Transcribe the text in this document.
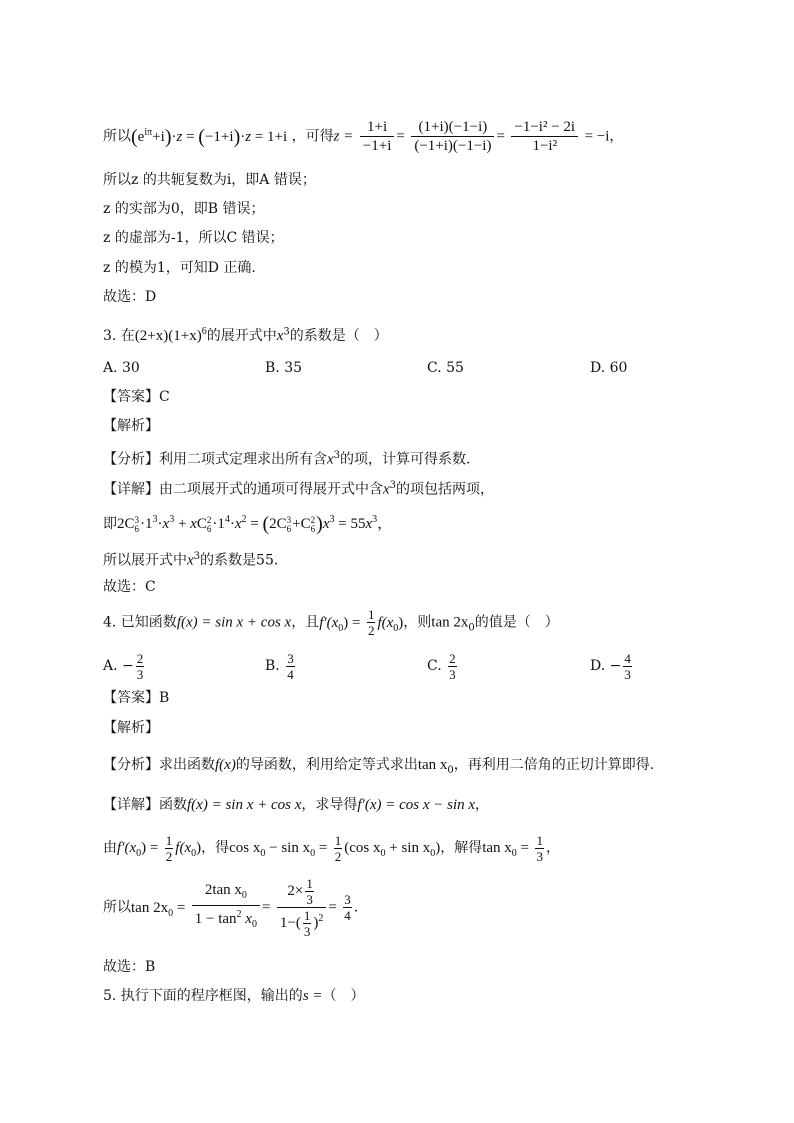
所以$(e^{i\pi}+i)\cdot z = (-1+i)\cdot z = 1+i$ ，可得$z = \frac{1+i}{-1+i} = \frac{(1+i)(-1-i)}{(-1+i)(-1-i)} = \frac{\text{−1−i² − 2i}}{\text{1−i²}} = -i$，
所以z 的共轭复数为i，即A 错误；
z 的实部为0，即B 错误；
z 的虚部为-1，所以C 错误；
z 的模为1，可知D 正确.
故选：D
3. 在$(2+x)(1+x)^6$的展开式中$x^3$的系数是（　）
A. 30	B. 35	C. 55	D. 60
【答案】C
【解析】
【分析】利用二项式定理求出所有含$x^3$的项，计算可得系数.
【详解】由二项展开式的通项可得展开式中含$x^3$的项包括两项，
即2C 3
$6 \cdot 1^3\cdot x^3$ + xC 2
$6 \cdot 1^4\cdot x^2 = (2C$ 3
6 +C 2
6 )$x^3 = 55x^3$，
所以展开式中$x^3$的系数是55.
故选：C
4. 已知函数f(x) = sin x + cos x，且$f'(x_0) = \frac{1}{2} f(x_0)$，则$\tan 2x_0$的值是（　）
A. − $\frac{2}{3}$	B. $\frac{3}{4}$	C. $\frac{2}{3}$	D. − $\frac{4}{3}$
【答案】B
【解析】
【分析】求出函数f(x)的导函数，利用给定等式求出$\tan x_0$，再利用二倍角的正切计算即得.
【详解】函数f(x) = sin x + cos x，求导得f′(x) = cos x − sin x，
由$f'(x_0) = \frac{1}{2} f(x_0)$，得$\cos x_0 - \sin x_0 = \frac{1}{2} (\cos$ $x_0 + \sin x_0$)，解得$\tan x_0 = \frac{1}{3}$ ，
所以$\tan 2x_0 = \frac{2\tan x_0}{1 - \tan^2 x_0} = \frac{2\times \frac{1}{3}}{1-( \frac{1}{3} )^2} = \frac{3}{4}$ .
故选：B
5. 执行下面的程序框图，输出的s =（　）
